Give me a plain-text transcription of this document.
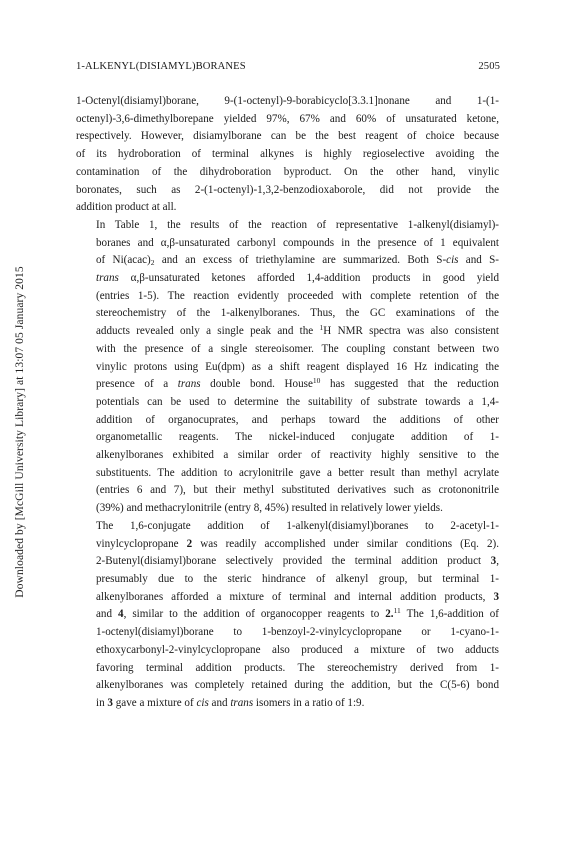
Downloaded by [McGill University Library] at 13:07 05 January 2015
1-ALKENYL(DISIAMYL)BORANES	2505

1-Octenyl(disiamyl)borane, 9-(1-octenyl)-9-borabicyclo[3.3.1]nonane and 1-(1-
octenyl)-3,6-dimethylborepane yielded 97%, 67% and 60% of unsaturated ketone,
respectively. However, disiamylborane can be the best reagent of choice because
of its hydroboration of terminal alkynes is highly regioselective avoiding the
contamination of the dihydroboration byproduct. On the other hand, vinylic
boronates, such as 2-(1-octenyl)-1,3,2-benzodioxaborole, did not provide the
addition product at all.

In Table 1, the results of the reaction of representative 1-alkenyl(disiamyl)-
boranes and α,β-unsaturated carbonyl compounds in the presence of 1 equivalent
of $Ni(acac)_2$ and an excess of triethylamine are summarized. Both S-cis and S-
trans α,β-unsaturated ketones afforded 1,4-addition products in good yield
(entries 1-5). The reaction evidently proceeded with complete retention of the
stereochemistry of the 1-alkenylboranes. Thus, the GC examinations of the
adducts revealed only a single peak and the $^1$H NMR spectra was also consistent
with the presence of a single stereoisomer. The coupling constant between two
vinylic protons using Eu(dpm) as a shift reagent displayed 16 Hz indicating the
presence of a trans double bond. House$^{10}$ has suggested that the reduction
potentials can be used to determine the suitability of substrate towards a 1,4-
addition of organocuprates, and perhaps toward the additions of other
organometallic reagents. The nickel-induced conjugate addition of 1-
alkenylboranes exhibited a similar order of reactivity highly sensitive to the
substituents. The addition to acrylonitrile gave a better result than methyl acrylate
(entries 6 and 7), but their methyl substituted derivatives such as crotononitrile
(39%) and methacrylonitrile (entry 8, 45%) resulted in relatively lower yields.

The 1,6-conjugate addition of 1-alkenyl(disiamyl)boranes to 2-acetyl-1-
vinylcyclopropane 2 was readily accomplished under similar conditions (Eq. 2).
2-Butenyl(disiamyl)borane selectively provided the terminal addition product 3,
presumably due to the steric hindrance of alkenyl group, but terminal 1-
alkenylboranes afforded a mixture of terminal and internal addition products, 3
and 4, similar to the addition of organocopper reagents to 2.11 The 1,6-addition of
1-octenyl(disiamyl)borane to 1-benzoyl-2-vinylcyclopropane or 1-cyano-1-
ethoxycarbonyl-2-vinylcyclopropane also produced a mixture of two adducts
favoring terminal addition products. The stereochemistry derived from 1-
alkenylboranes was completely retained during the addition, but the C(5-6) bond
in 3 gave a mixture of cis and trans isomers in a ratio of 1:9.
